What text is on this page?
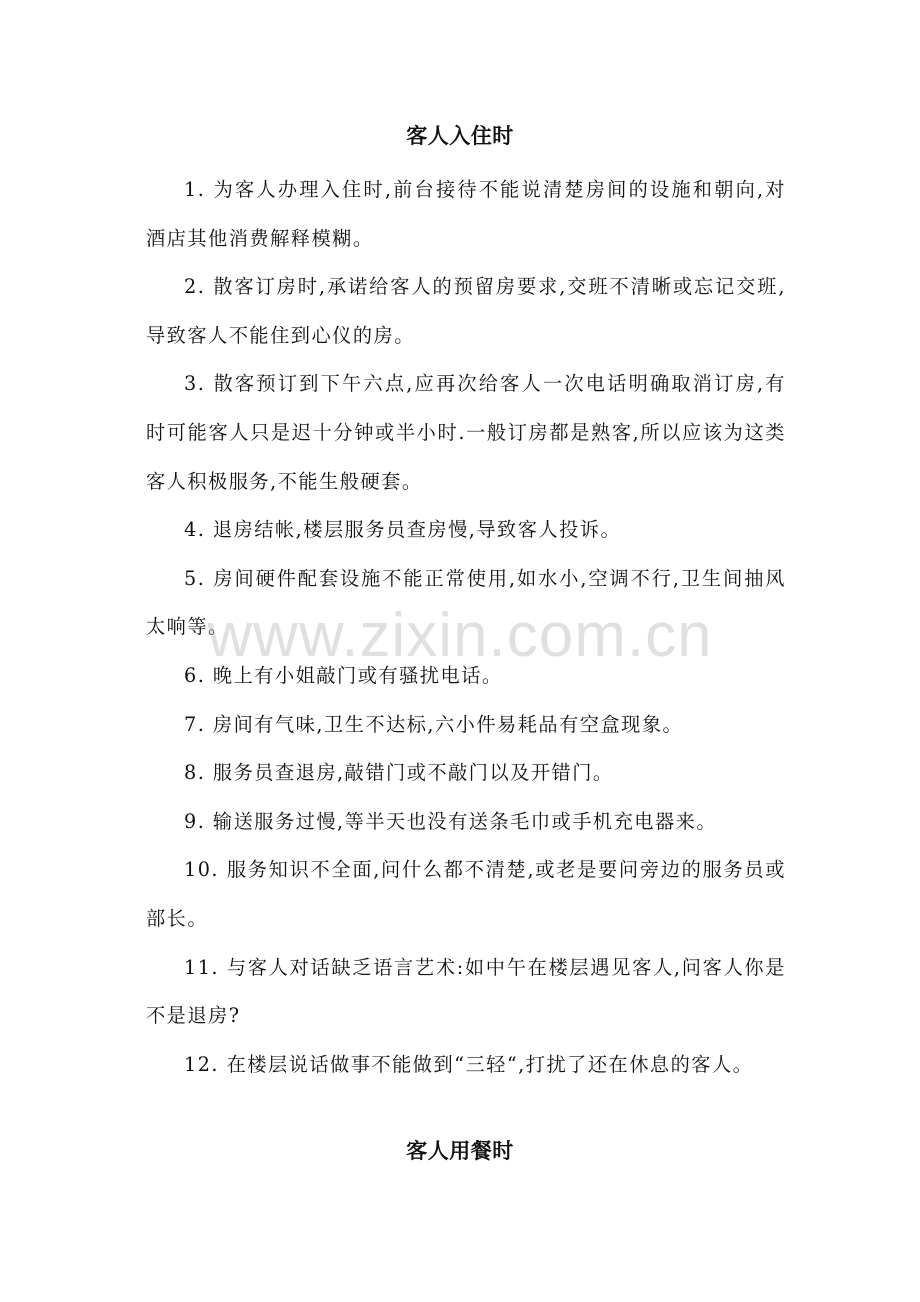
客人入住时

1. 为客人办理入住时,前台接待不能说清楚房间的设施和朝向,对酒店其他消费解释模糊。

2. 散客订房时,承诺给客人的预留房要求,交班不清晰或忘记交班,导致客人不能住到心仪的房。

3. 散客预订到下午六点,应再次给客人一次电话明确取消订房,有时可能客人只是迟十分钟或半小时.一般订房都是熟客,所以应该为这类客人积极服务,不能生般硬套。

4. 退房结帐,楼层服务员查房慢,导致客人投诉。

5. 房间硬件配套设施不能正常使用,如水小,空调不行,卫生间抽风太响等。

6. 晚上有小姐敲门或有骚扰电话。

7. 房间有气味,卫生不达标,六小件易耗品有空盒现象。

8. 服务员查退房,敲错门或不敲门以及开错门。

9. 输送服务过慢,等半天也没有送条毛巾或手机充电器来。

10. 服务知识不全面,问什么都不清楚,或老是要问旁边的服务员或部长。

11. 与客人对话缺乏语言艺术:如中午在楼层遇见客人,问客人你是不是退房?

12. 在楼层说话做事不能做到“三轻“,打扰了还在休息的客人。

客人用餐时
www.zixin.com.cn
